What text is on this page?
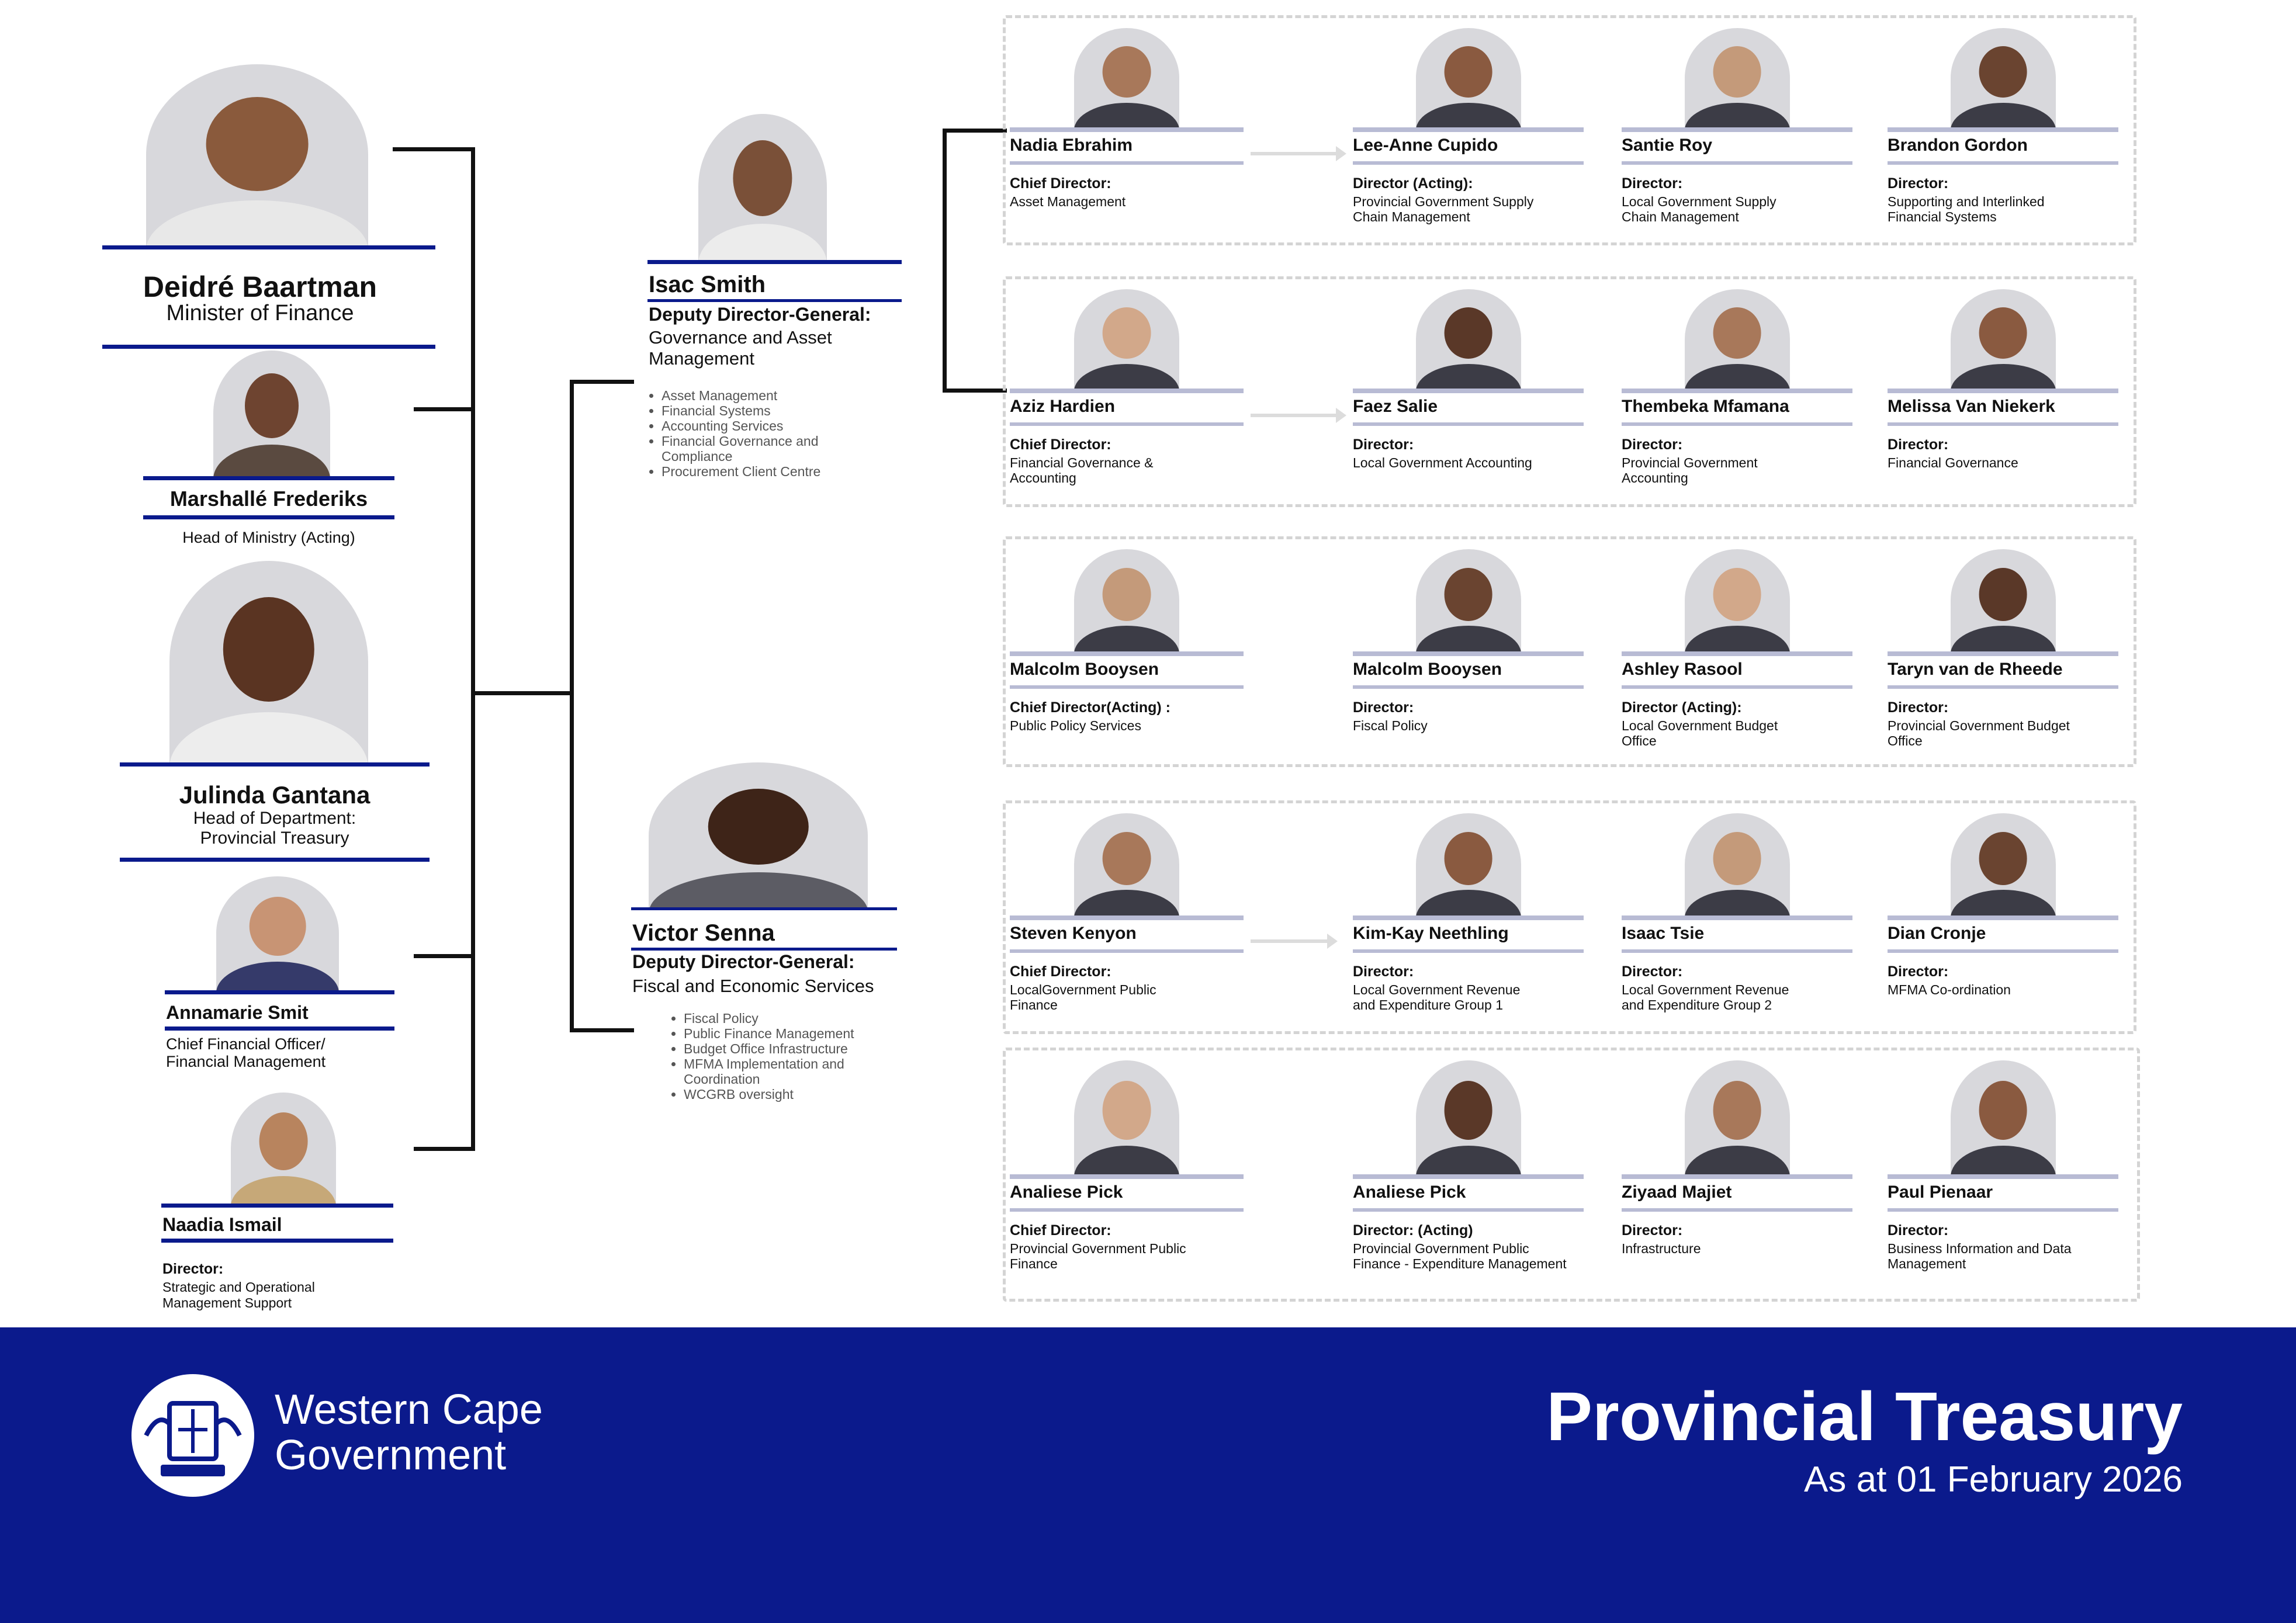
Deidré Baartman
Minister of Finance
Marshallé Frederiks
Head of Ministry (Acting)
Julinda Gantana
Head of Department:
Provincial Treasury
Annamarie Smit
Chief Financial Officer/
Financial Management
Naadia Ismail
Director:
Strategic and Operational
Management Support
Isac Smith
Deputy Director-General:
Governance and Asset
Management
• Asset Management
• Financial Systems
• Accounting Services
• Financial Governance and Compliance
• Procurement Client Centre
Victor Senna
Deputy Director-General:
Fiscal and Economic Services
• Fiscal Policy
• Public Finance Management
• Budget Office Infrastructure
• MFMA Implementation and Coordination
• WCGRB oversight
Nadia Ebrahim
Chief Director:
Asset Management
Lee-Anne Cupido
Director (Acting):
Provincial Government Supply
Chain Management
Santie Roy
Director:
Local Government Supply
Chain Management
Brandon Gordon
Director:
Supporting and Interlinked
Financial Systems
Aziz Hardien
Chief Director:
Financial Governance &
Accounting
Faez Salie
Director:
Local Government Accounting
Thembeka Mfamana
Director:
Provincial Government
Accounting
Melissa Van Niekerk
Director:
Financial Governance
Malcolm Booysen
Chief Director(Acting) :
Public Policy Services
Malcolm Booysen
Director:
Fiscal Policy
Ashley Rasool
Director (Acting):
Local Government Budget
Office
Taryn van de Rheede
Director:
Provincial Government Budget
Office
Steven Kenyon
Chief Director:
LocalGovernment Public
Finance
Kim-Kay Neethling
Director:
Local Government Revenue
and Expenditure Group 1
Isaac Tsie
Director:
Local Government Revenue
and Expenditure Group 2
Dian Cronje
Director:
MFMA Co-ordination
Analiese Pick
Chief Director:
Provincial Government Public
Finance
Analiese Pick
Director: (Acting)
Provincial Government Public
Finance - Expenditure Management
Ziyaad Majiet
Director:
Infrastructure
Paul Pienaar
Director:
Business Information and Data
Management
Western Cape
Government	Provincial Treasury
As at 01 February 2026
